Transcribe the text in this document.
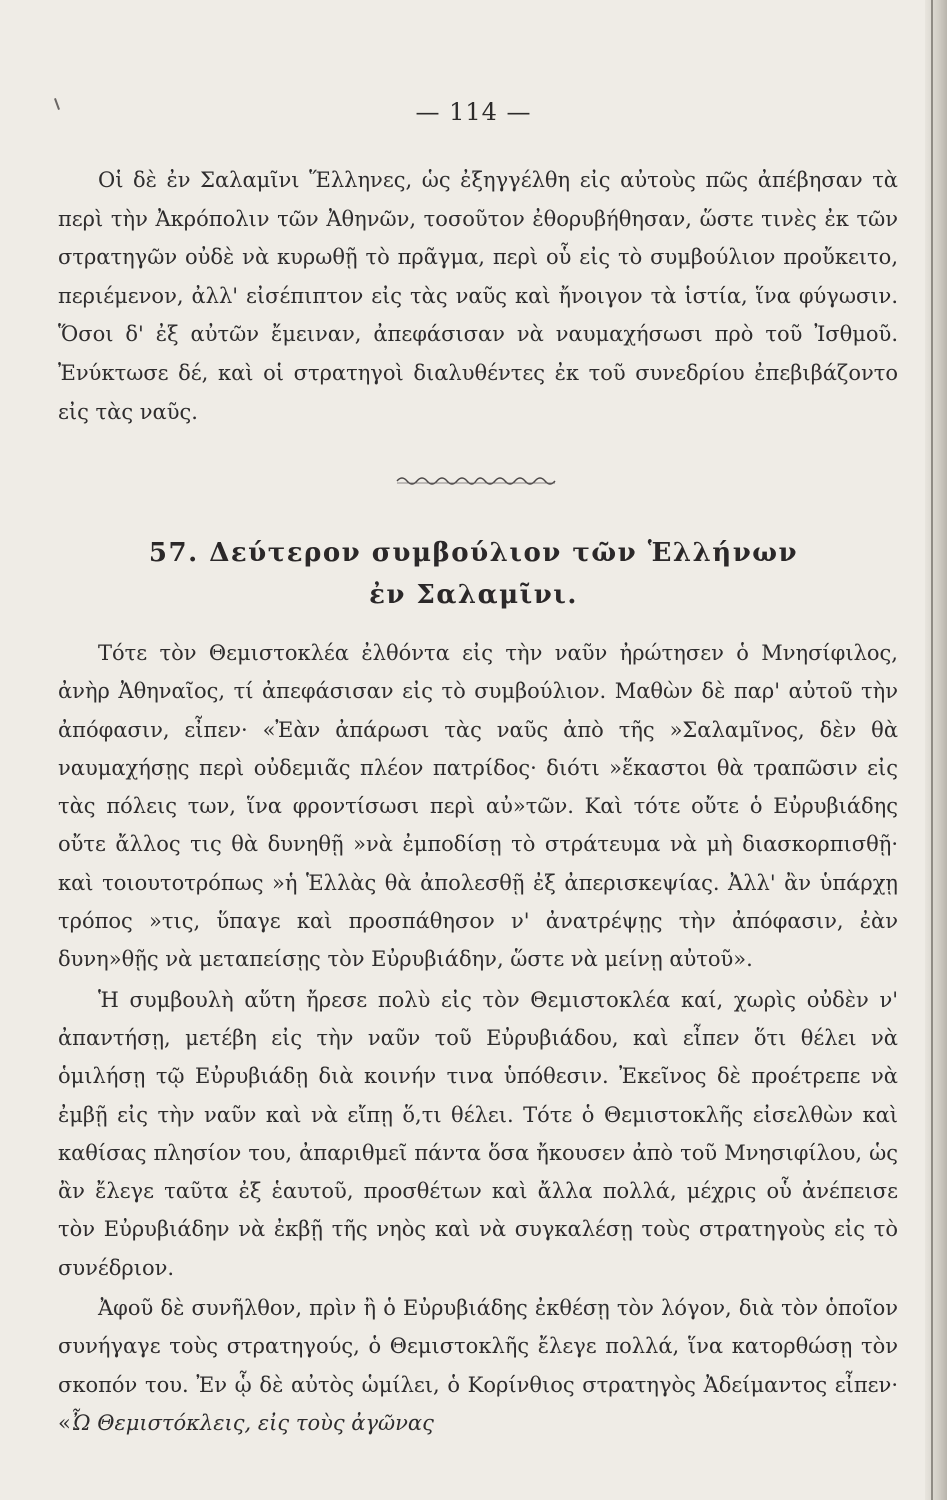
— 114 —

Οἱ δὲ ἐν Σαλαμῖνι Ἕλληνες, ὡς ἐξηγγέλθη εἰς αὐτοὺς πῶς ἀπέβησαν τὰ περὶ τὴν Ἀκρόπολιν τῶν Ἀθηνῶν, τοσοῦτον ἐθορυβήθησαν, ὥστε τινὲς ἐκ τῶν στρατηγῶν οὐδὲ νὰ κυρωθῇ τὸ πρᾶγμα, περὶ οὗ εἰς τὸ συμβούλιον προὔκειτο, περιέμενον, ἀλλ' εἰσέπιπτον εἰς τὰς ναῦς καὶ ἤνοιγον τὰ ἱστία, ἵνα φύγωσιν. Ὅσοι δ' ἐξ αὐτῶν ἔμειναν, ἀπεφάσισαν νὰ ναυμαχήσωσι πρὸ τοῦ Ἰσθμοῦ. Ἐνύκτωσε δέ, καὶ οἱ στρατηγοὶ διαλυθέντες ἐκ τοῦ συνεδρίου ἐπεβιβάζοντο εἰς τὰς ναῦς.

57. Δεύτερον συμβούλιον τῶν Ἑλλήνων
ἐν Σαλαμῖνι.

Τότε τὸν Θεμιστοκλέα ἐλθόντα εἰς τὴν ναῦν ἠρώτησεν ὁ Μνησίφιλος, ἀνὴρ Ἀθηναῖος, τί ἀπεφάσισαν εἰς τὸ συμβούλιον. Μαθὼν δὲ παρ' αὐτοῦ τὴν ἀπόφασιν, εἶπεν· «Ἐὰν ἀπάρωσι τὰς ναῦς ἀπὸ τῆς »Σαλαμῖνος, δὲν θὰ ναυμαχήσῃς περὶ οὐδεμιᾶς πλέον πατρίδος· διότι »ἕκαστοι θὰ τραπῶσιν εἰς τὰς πόλεις των, ἵνα φροντίσωσι περὶ αὐ»τῶν. Καὶ τότε οὔτε ὁ Εὐρυβιάδης οὔτε ἄλλος τις θὰ δυνηθῇ »νὰ ἐμποδίσῃ τὸ στράτευμα νὰ μὴ διασκορπισθῇ· καὶ τοιουτοτρόπως »ἡ Ἑλλὰς θὰ ἀπολεσθῇ ἐξ ἀπερισκεψίας. Ἀλλ' ἂν ὑπάρχῃ τρόπος »τις, ὕπαγε καὶ προσπάθησον ν' ἀνατρέψῃς τὴν ἀπόφασιν, ἐὰν δυνη»θῇς νὰ μεταπείσῃς τὸν Εὐρυβιάδην, ὥστε νὰ μείνῃ αὐτοῦ».

Ἡ συμβουλὴ αὕτη ἤρεσε πολὺ εἰς τὸν Θεμιστοκλέα καί, χωρὶς οὐδὲν ν' ἀπαντήσῃ, μετέβη εἰς τὴν ναῦν τοῦ Εὐρυβιάδου, καὶ εἶπεν ὅτι θέλει νὰ ὁμιλήσῃ τῷ Εὐρυβιάδῃ διὰ κοινήν τινα ὑπόθεσιν. Ἐκεῖνος δὲ προέτρεπε νὰ ἐμβῇ εἰς τὴν ναῦν καὶ νὰ εἴπῃ ὅ,τι θέλει. Τότε ὁ Θεμιστοκλῆς εἰσελθὼν καὶ καθίσας πλησίον του, ἀπαριθμεῖ πάντα ὅσα ἤκουσεν ἀπὸ τοῦ Μνησιφίλου, ὡς ἂν ἔλεγε ταῦτα ἐξ ἑαυτοῦ, προσθέτων καὶ ἄλλα πολλά, μέχρις οὗ ἀνέπεισε τὸν Εὐρυβιάδην νὰ ἐκβῇ τῆς νηὸς καὶ νὰ συγκαλέσῃ τοὺς στρατηγοὺς εἰς τὸ συνέδριον.

Ἀφοῦ δὲ συνῆλθον, πρὶν ἢ ὁ Εὐρυβιάδης ἐκθέσῃ τὸν λόγον, διὰ τὸν ὁποῖον συνήγαγε τοὺς στρατηγούς, ὁ Θεμιστοκλῆς ἔλεγε πολλά, ἵνα κατορθώσῃ τὸν σκοπόν του. Ἐν ᾧ δὲ αὐτὸς ὡμίλει, ὁ Κορίνθιος στρατηγὸς Ἀδείμαντος εἶπεν· «Ὦ Θεμιστόκλεις, εἰς τοὺς ἀγῶνας
